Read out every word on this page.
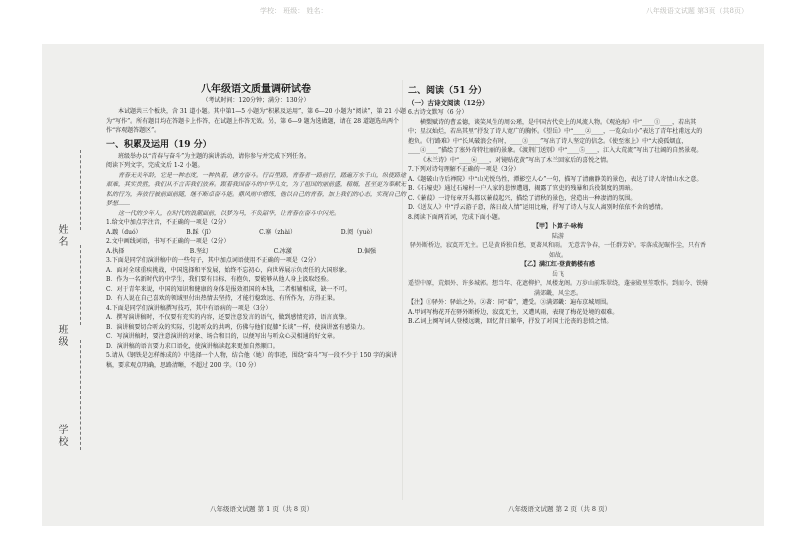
学校： 班级： 姓名：	八年级语文试题 第3页（共8页）
姓名
班级
学校
八年级语文质量调研试卷
（考试时间：120分钟；满分：130分）
本试题共三个板块，含 31 道小题。其中第1—5 小题为“积累及运用”，第 6—20 小题为“阅读”，第 21 小题为“写作”。所有题目均在答题卡上作答，在试题上作答无效。另，第 6—9 题为选做题，请在 28 道题选出两个作“容观题答题区”。
一、积累及运用（19 分）
班级举办以“青春与奋斗”为主题的演讲活动，请你参与并完成下列任务。
阅读下列文字，完成文后 1-2 小题。
青春无关年龄，它是一种态度，一种执着，诸方奋斗。行百里路，青春者一路前行，踏遍万水千山，纵使路途艰难，其实贵胜，我们从不言苦我们放弃。跟着我国奋斗的中华儿女，为了祖国的丽前盛，精婿，甚至更为奉献无私的行为，奔放行被前面前随，继不断卓奋斗能。鼎风雨中磨练，他以自己的青春，加上我们的心态，实现自己的梦想……
这一代的少年人，在时代的浪潮面前，以梦为马，不负韶华，让青春在奋斗中闪光。
1.给文中加点字注音，不正确的一项是（2分）
A.踱（duó）	B.踩（jī）	C.寨（zhài）	D.阅（yuè）
2.文中画线词语，书写不正确的一项是（2分）
A.执择	B.坚幻	C.冰激	D.倔强
3.下面是同学们演讲稿中的一些句子，其中加点词语使用不正确的一项是（2分）
A．面对全球重疾挑战，中国选择和平发展，始终不忘初心，向世界展示负责任的大国形象。
B．作为一名新时代的中学生，我们要有目标、有抱负，要能够从他人身上汲取经验。
C．对于青年来说，中国的知识和健康的身体是报效祖国的本钱，二者相辅相成，缺一不可。
D．有人说在自己喜欢的领域里付出热情去坚持，才能行稳致远、有所作为，方得正果。
4.下面是同学们演讲稿撰写技巧，其中有语病的一项是（3分）
A．撰写演讲稿时，不仅要有充实的内容，还要注意发言的语气，做到感情充沛，语言真挚。
B．演讲稿要切合听众的实际，引起听众的共鸣，仿佛与他们促膝“长谈”一样，使演讲富有感染力。
C．写演讲稿时，要注意演讲的对象、场合和目的，以便写出与听众心灵相通的好文章。
D．演讲稿的语言要力求口语化，使演讲稿读起来更加自然顺口。
5.请从《钢铁是怎样炼成的》中选择一个人物，结合他（她）的事迹，围绕“奋斗”写一段不少于 150 字的演讲稿，要求观点明确，思路清晰，不超过 200 字。（10 分）
二、阅读（51 分）
（一）古诗文阅读（12分）
6.古诗文默写（6 分）
横槊赋诗的曹孟德，谈笑风生的周公瑾，是中国古代史上的风流人物。《观沧海》中“____①____，若出其中；星汉灿烂，若出其里”抒发了诗人宽广的胸怀。《望岳》中“____②____，一览众山小”表达了青年杜甫远大的抱负。《行路难》中“长风破浪会有时，____③____”写出了诗人坚定的信念。《使至塞上》中“大漠孤烟直，____④____”描绘了塞外奇特壮丽的景象。《渡荆门送别》中“____⑤____，江入大荒流”写出了壮阔的自然景观。
《木兰诗》中“____⑥____，对镜贴花黄”写出了木兰回家后的喜悦之情。
7.下列对诗句理解不正确的一项是（3分）
A.《题破山寺后禅院》中“山光悦鸟性，潭影空人心”一句，描写了清幽静美的景色，表达了诗人寄情山水之意。
B.《石壕吏》通过石壕村一户人家的悲惨遭遇，揭露了官吏的残暴和兵役制度的黑暗。
C.《蒹葭》一诗每章开头都以蒹葭起兴，描绘了清秋的景色，营造出一种凄清的氛围。
D.《送友人》中“浮云游子意，落日故人情”运用比喻，抒写了诗人与友人离别时依依不舍的感情。
8.阅读下面两首词，完成下面小题。
【甲】卜算子·咏梅
陆游
驿外断桥边，寂寞开无主。已是黄昏独自愁，更著风和雨。 无意苦争春，一任群芳妒。零落成泥碾作尘，只有香如故。
【乙】满江红·登黄鹤楼有感
岳飞
遥望中原，荒烟外、许多城郭。想当年、花遮柳护，凤楼龙阁。万岁山前珠翠绕，蓬壶殿里笙歌作。到而今、铁骑满郊畿，风尘恶。
【注】①驿外：驿站之外。②著：同“着”，遭受。③满郊畿：遍布京城周围。
A.甲词写梅花开在驿外断桥边，寂寞无主，又遭风雨，表现了梅花处境的艰难。
B.乙词上阕写词人登楼远眺，回忆昔日繁华，抒发了对国土沦丧的悲愤之情。
八年级语文试题 第 1 页（共 8 页）	八年级语文试题 第 2 页（共 8 页）
